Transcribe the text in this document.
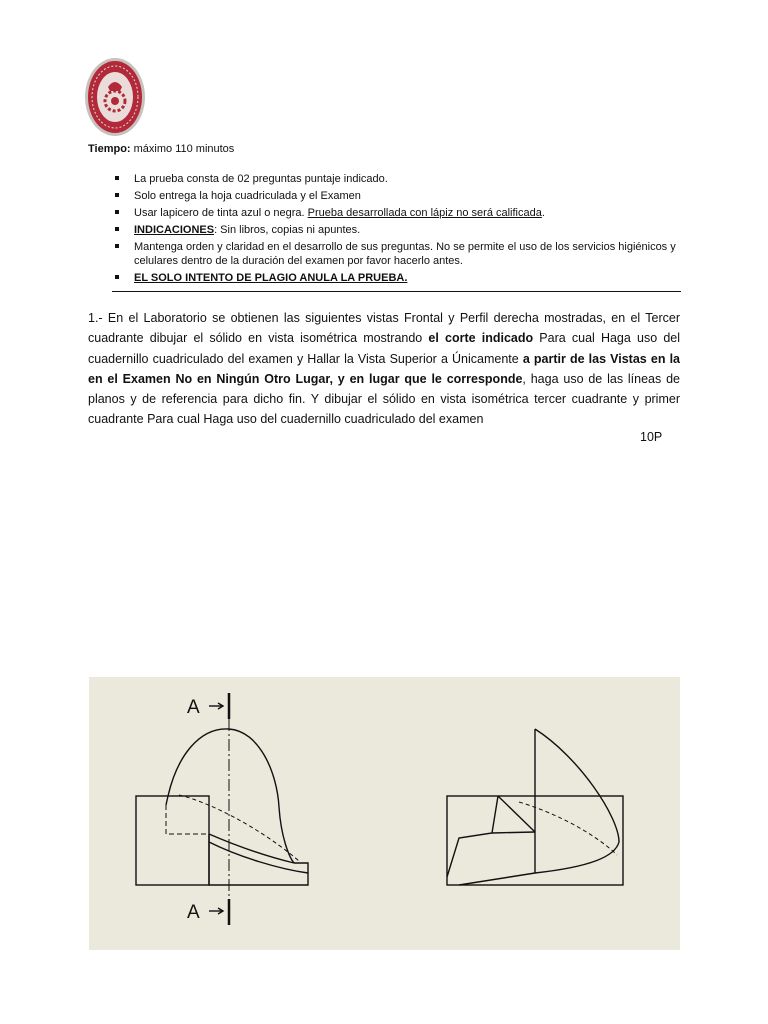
Tiempo: máximo 110 minutos
La prueba consta de 02 preguntas puntaje indicado.
Solo entrega la hoja cuadriculada y el Examen
Usar lapicero de tinta azul o negra. Prueba desarrollada con lápiz no será calificada.
INDICACIONES: Sin libros, copias ni apuntes.
Mantenga orden y claridad en el desarrollo de sus preguntas. No se permite el uso de los servicios higiénicos y celulares dentro de la duración del examen por favor hacerlo antes.
EL SOLO INTENTO DE PLAGIO ANULA LA PRUEBA.
1.- En el Laboratorio se obtienen las siguientes vistas Frontal y Perfil derecha mostradas, en el Tercer cuadrante dibujar el sólido en vista isométrica mostrando el corte indicado Para cual Haga uso del cuadernillo cuadriculado del examen y Hallar la Vista Superior a Únicamente a partir de las Vistas en la en el Examen No en Ningún Otro Lugar, y en lugar que le corresponde, haga uso de las líneas de planos y de referencia para dicho fin. Y dibujar el sólido en vista isométrica tercer cuadrante y primer cuadrante Para cual Haga uso del cuadernillo cuadriculado del examen
10P
A
A
